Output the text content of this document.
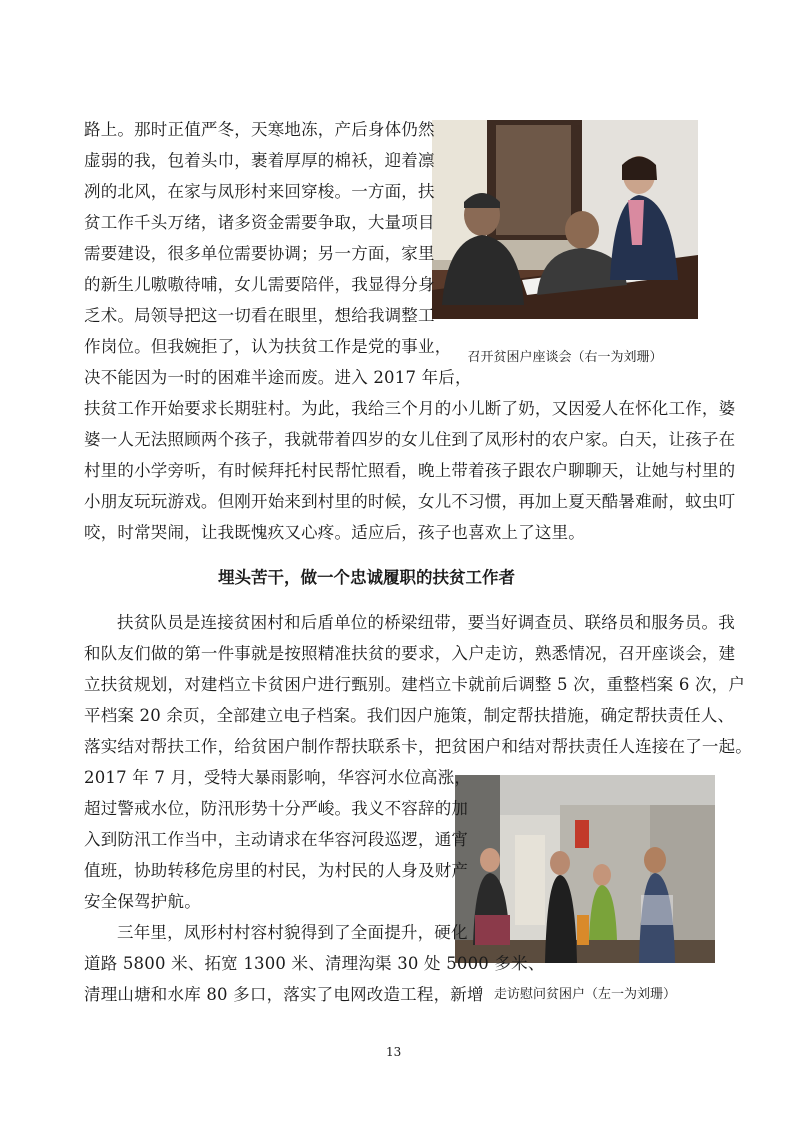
召开贫困户座谈会（右一为刘珊）
路上。那时正值严冬，天寒地冻，产后身体仍然
虚弱的我，包着头巾，裹着厚厚的棉袄，迎着凛
冽的北风，在家与凤形村来回穿梭。一方面，扶
贫工作千头万绪，诸多资金需要争取，大量项目
需要建设，很多单位需要协调；另一方面，家里
的新生儿嗷嗷待哺，女儿需要陪伴，我显得分身
乏术。局领导把这一切看在眼里，想给我调整工
作岗位。但我婉拒了，认为扶贫工作是党的事业，
决不能因为一时的困难半途而废。进入 2017 年后，
扶贫工作开始要求长期驻村。为此，我给三个月的小儿断了奶，又因爱人在怀化工作，婆
婆一人无法照顾两个孩子，我就带着四岁的女儿住到了凤形村的农户家。白天，让孩子在
村里的小学旁听，有时候拜托村民帮忙照看，晚上带着孩子跟农户聊聊天，让她与村里的
小朋友玩玩游戏。但刚开始来到村里的时候，女儿不习惯，再加上夏天酷暑难耐，蚊虫叮
咬，时常哭闹，让我既愧疚又心疼。适应后，孩子也喜欢上了这里。
埋头苦干，做一个忠诚履职的扶贫工作者
扶贫队员是连接贫困村和后盾单位的桥梁纽带，要当好调查员、联络员和服务员。我
和队友们做的第一件事就是按照精准扶贫的要求，入户走访，熟悉情况，召开座谈会，建
立扶贫规划，对建档立卡贫困户进行甄别。建档立卡就前后调整 5 次，重整档案 6 次，户
平档案 20 余页，全部建立电子档案。我们因户施策，制定帮扶措施，确定帮扶责任人、
落实结对帮扶工作，给贫困户制作帮扶联系卡，把贫困户和结对帮扶责任人连接在了一起。
走访慰问贫困户（左一为刘珊）
2017 年 7 月，受特大暴雨影响，华容河水位高涨，
超过警戒水位，防汛形势十分严峻。我义不容辞的加
入到防汛工作当中，主动请求在华容河段巡逻，通宵
值班，协助转移危房里的村民，为村民的人身及财产
安全保驾护航。
三年里，凤形村村容村貌得到了全面提升，硬化
道路 5800 米、拓宽 1300 米、清理沟渠 30 处 5000 多米、
清理山塘和水库 80 多口，落实了电网改造工程，新增
13
